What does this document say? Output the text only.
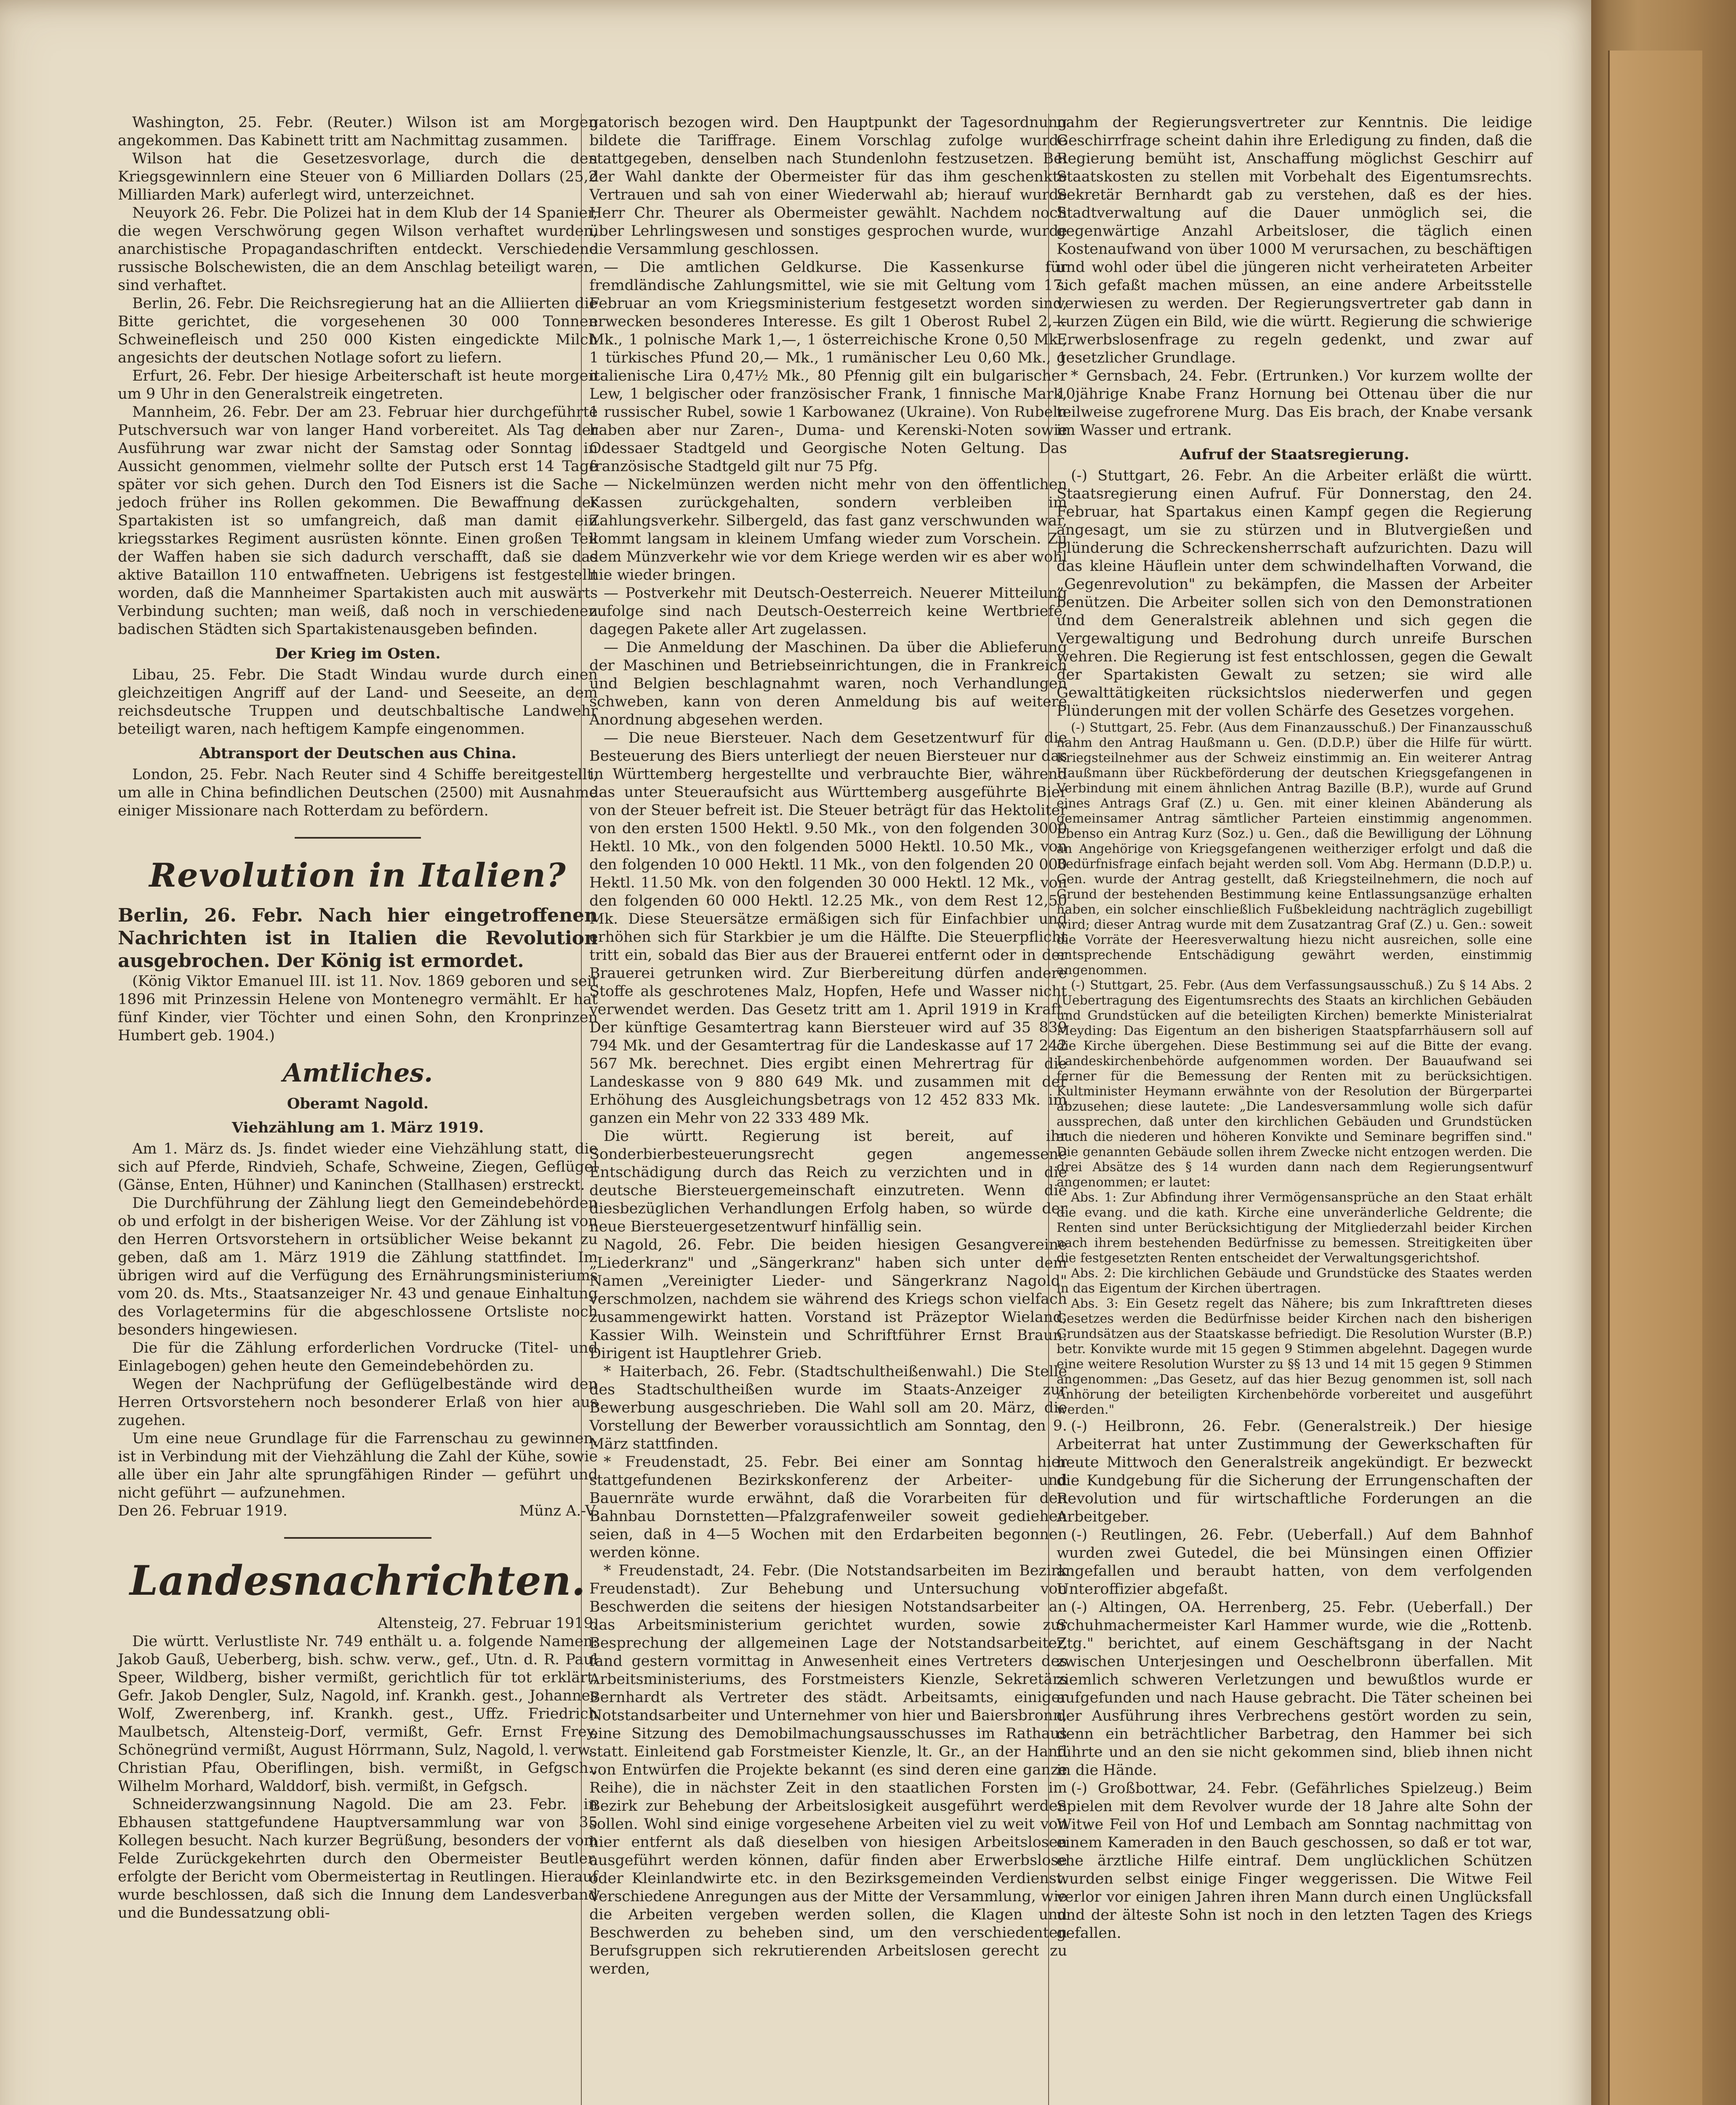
Washington, 25. Febr. (Reuter.) Wilson ist am Morgen angekommen. Das Kabinett tritt am Nachmittag zusammen.

Wilson hat die Gesetzesvorlage, durch die den Kriegsgewinnlern eine Steuer von 6 Milliarden Dollars (25,2 Milliarden Mark) auferlegt wird, unterzeichnet.

Neuyork 26. Febr. Die Polizei hat in dem Klub der 14 Spanier, die wegen Verschwörung gegen Wilson verhaftet wurden, anarchistische Propagandaschriften entdeckt. Verschiedene russische Bolschewisten, die an dem Anschlag beteiligt waren, sind verhaftet.

Berlin, 26. Febr. Die Reichsregierung hat an die Alliierten die Bitte gerichtet, die vorgesehenen 30 000 Tonnen Schweinefleisch und 250 000 Kisten eingedickte Milch angesichts der deutschen Notlage sofort zu liefern.

Erfurt, 26. Febr. Der hiesige Arbeiterschaft ist heute morgen um 9 Uhr in den Generalstreik eingetreten.

Mannheim, 26. Febr. Der am 23. Februar hier durchgeführte Putschversuch war von langer Hand vorbereitet. Als Tag der Ausführung war zwar nicht der Samstag oder Sonntag in Aussicht genommen, vielmehr sollte der Putsch erst 14 Tage später vor sich gehen. Durch den Tod Eisners ist die Sache jedoch früher ins Rollen gekommen. Die Bewaffnung der Spartakisten ist so umfangreich, daß man damit ein kriegsstarkes Regiment ausrüsten könnte. Einen großen Teil der Waffen haben sie sich dadurch verschafft, daß sie das aktive Bataillon 110 entwaffneten. Uebrigens ist festgestellt worden, daß die Mannheimer Spartakisten auch mit auswärts Verbindung suchten; man weiß, daß noch in verschiedenen badischen Städten sich Spartakistenausgeben befinden.

Der Krieg im Osten.

Libau, 25. Febr. Die Stadt Windau wurde durch einen gleichzeitigen Angriff auf der Land- und Seeseite, an dem reichsdeutsche Truppen und deutschbaltische Landwehr beteiligt waren, nach heftigem Kampfe eingenommen.

Abtransport der Deutschen aus China.

London, 25. Febr. Nach Reuter sind 4 Schiffe bereitgestellt, um alle in China befindlichen Deutschen (2500) mit Ausnahme einiger Missionare nach Rotterdam zu befördern.

Revolution in Italien?

Berlin, 26. Febr. Nach hier eingetroffenen Nachrichten ist in Italien die Revolution ausgebrochen. Der König ist ermordet.

(König Viktor Emanuel III. ist 11. Nov. 1869 geboren und seit 1896 mit Prinzessin Helene von Montenegro vermählt. Er hat fünf Kinder, vier Töchter und einen Sohn, den Kronprinzen Humbert geb. 1904.)

Amtliches.

Oberamt Nagold.

Viehzählung am 1. März 1919.

Am 1. März ds. Js. findet wieder eine Viehzählung statt, die sich auf Pferde, Rindvieh, Schafe, Schweine, Ziegen, Geflügel (Gänse, Enten, Hühner) und Kaninchen (Stallhasen) erstreckt.

Die Durchführung der Zählung liegt den Gemeindebehörden ob und erfolgt in der bisherigen Weise. Vor der Zählung ist von den Herren Ortsvorstehern in ortsüblicher Weise bekannt zu geben, daß am 1. März 1919 die Zählung stattfindet. Im übrigen wird auf die Verfügung des Ernährungsministeriums vom 20. ds. Mts., Staatsanzeiger Nr. 43 und genaue Einhaltung des Vorlagetermins für die abgeschlossene Ortsliste noch besonders hingewiesen.

Die für die Zählung erforderlichen Vordrucke (Titel- und Einlagebogen) gehen heute den Gemeindebehörden zu.

Wegen der Nachprüfung der Geflügelbestände wird den Herren Ortsvorstehern noch besonderer Erlaß von hier aus zugehen.

Um eine neue Grundlage für die Farrenschau zu gewinnen, ist in Verbindung mit der Viehzählung die Zahl der Kühe, sowie alle über ein Jahr alte sprungfähigen Rinder — geführt und nicht geführt — aufzunehmen.

Den 26. Februar 1919.	Münz A.-V.

Landesnachrichten.

Altensteig, 27. Februar 1919.

Die württ. Verlustliste Nr. 749 enthält u. a. folgende Namen: Jakob Gauß, Ueberberg, bish. schw. verw., gef., Utn. d. R. Paul Speer, Wildberg, bisher vermißt, gerichtlich für tot erklärt, Gefr. Jakob Dengler, Sulz, Nagold, inf. Krankh. gest., Johannes Wolf, Zwerenberg, inf. Krankh. gest., Uffz. Friedrich Maulbetsch, Altensteig-Dorf, vermißt, Gefr. Ernst Frey, Schönegründ vermißt, August Hörrmann, Sulz, Nagold, l. verw., Christian Pfau, Oberiflingen, bish. vermißt, in Gefgsch., Wilhelm Morhard, Walddorf, bish. vermißt, in Gefgsch.

Schneiderzwangsinnung Nagold. Die am 23. Febr. in Ebhausen stattgefundene Hauptversammlung war von 35 Kollegen besucht. Nach kurzer Begrüßung, besonders der vom Felde Zurückgekehrten durch den Obermeister Beutler, erfolgte der Bericht vom Obermeistertag in Reutlingen. Hierauf wurde beschlossen, daß sich die Innung dem Landesverband und die Bundessatzung obli-

gatorisch bezogen wird. Den Hauptpunkt der Tagesordnung bildete die Tariffrage. Einem Vorschlag zufolge wurde stattgegeben, denselben nach Stundenlohn festzusetzen. Bei der Wahl dankte der Obermeister für das ihm geschenkte Vertrauen und sah von einer Wiederwahl ab; hierauf wurde Herr Chr. Theurer als Obermeister gewählt. Nachdem noch über Lehrlingswesen und sonstiges gesprochen wurde, wurde die Versammlung geschlossen.

— Die amtlichen Geldkurse. Die Kassenkurse für fremdländische Zahlungsmittel, wie sie mit Geltung vom 17. Februar an vom Kriegsministerium festgesetzt worden sind, erwecken besonderes Interesse. Es gilt 1 Oberost Rubel 2,— Mk., 1 polnische Mark 1,—, 1 österreichische Krone 0,50 Mk., 1 türkisches Pfund 20,— Mk., 1 rumänischer Leu 0,60 Mk., 1 italienische Lira 0,47½ Mk., 80 Pfennig gilt ein bulgarischer Lew, 1 belgischer oder französischer Frank, 1 finnische Mark, 1 russischer Rubel, sowie 1 Karbowanez (Ukraine). Von Rubeln haben aber nur Zaren-, Duma- und Kerenski-Noten sowie Odessaer Stadtgeld und Georgische Noten Geltung. Das französische Stadtgeld gilt nur 75 Pfg.

— Nickelmünzen werden nicht mehr von den öffentlichen Kassen zurückgehalten, sondern verbleiben im Zahlungsverkehr. Silbergeld, das fast ganz verschwunden war, kommt langsam in kleinem Umfang wieder zum Vorschein. Zu dem Münzverkehr wie vor dem Kriege werden wir es aber wohl nie wieder bringen.

— Postverkehr mit Deutsch-Oesterreich. Neuerer Mitteilung zufolge sind nach Deutsch-Oesterreich keine Wertbriefe, dagegen Pakete aller Art zugelassen.

— Die Anmeldung der Maschinen. Da über die Ablieferung der Maschinen und Betriebseinrichtungen, die in Frankreich und Belgien beschlagnahmt waren, noch Verhandlungen schweben, kann von deren Anmeldung bis auf weitere Anordnung abgesehen werden.

— Die neue Biersteuer. Nach dem Gesetzentwurf für die Besteuerung des Biers unterliegt der neuen Biersteuer nur das in Württemberg hergestellte und verbrauchte Bier, während das unter Steueraufsicht aus Württemberg ausgeführte Bier von der Steuer befreit ist. Die Steuer beträgt für das Hektoliter von den ersten 1500 Hektl. 9.50 Mk., von den folgenden 3000 Hektl. 10 Mk., von den folgenden 5000 Hektl. 10.50 Mk., von den folgenden 10 000 Hektl. 11 Mk., von den folgenden 20 000 Hektl. 11.50 Mk. von den folgenden 30 000 Hektl. 12 Mk., von den folgenden 60 000 Hektl. 12.25 Mk., von dem Rest 12,50 Mk. Diese Steuersätze ermäßigen sich für Einfachbier und erhöhen sich für Starkbier je um die Hälfte. Die Steuerpflicht tritt ein, sobald das Bier aus der Brauerei entfernt oder in der Brauerei getrunken wird. Zur Bierbereitung dürfen andere Stoffe als geschrotenes Malz, Hopfen, Hefe und Wasser nicht verwendet werden. Das Gesetz tritt am 1. April 1919 in Kraft. Der künftige Gesamtertrag kann Biersteuer wird auf 35 839 794 Mk. und der Gesamtertrag für die Landeskasse auf 17 242 567 Mk. berechnet. Dies ergibt einen Mehrertrag für die Landeskasse von 9 880 649 Mk. und zusammen mit der Erhöhung des Ausgleichungsbetrags von 12 452 833 Mk. im ganzen ein Mehr von 22 333 489 Mk.

Die württ. Regierung ist bereit, auf ihr Sonderbierbesteuerungsrecht gegen angemessene Entschädigung durch das Reich zu verzichten und in die deutsche Biersteuergemeinschaft einzutreten. Wenn die diesbezüglichen Verhandlungen Erfolg haben, so würde der neue Biersteuergesetzentwurf hinfällig sein.

Nagold, 26. Febr. Die beiden hiesigen Gesangvereine „Liederkranz" und „Sängerkranz" haben sich unter dem Namen „Vereinigter Lieder- und Sängerkranz Nagold" verschmolzen, nachdem sie während des Kriegs schon vielfach zusammengewirkt hatten. Vorstand ist Präzeptor Wieland, Kassier Wilh. Weinstein und Schriftführer Ernst Braun. Dirigent ist Hauptlehrer Grieb.

* Haiterbach, 26. Febr. (Stadtschultheißenwahl.) Die Stelle des Stadtschultheißen wurde im Staats-Anzeiger zur Bewerbung ausgeschrieben. Die Wahl soll am 20. März, die Vorstellung der Bewerber voraussichtlich am Sonntag, den 9. März stattfinden.

* Freudenstadt, 25. Febr. Bei einer am Sonntag hier stattgefundenen Bezirkskonferenz der Arbeiter- und Bauernräte wurde erwähnt, daß die Vorarbeiten für den Bahnbau Dornstetten—Pfalzgrafenweiler soweit gediehen seien, daß in 4—5 Wochen mit den Erdarbeiten begonnen werden könne.

* Freudenstadt, 24. Febr. (Die Notstandsarbeiten im Bezirk Freudenstadt). Zur Behebung und Untersuchung von Beschwerden die seitens der hiesigen Notstandsarbeiter an das Arbeitsministerium gerichtet wurden, sowie zur Besprechung der allgemeinen Lage der Notstandsarbeiter, fand gestern vormittag in Anwesenheit eines Vertreters des Arbeitsministeriums, des Forstmeisters Kienzle, Sekretärs Bernhardt als Vertreter des städt. Arbeitsamts, einiger Notstandsarbeiter und Unternehmer von hier und Baiersbronn, eine Sitzung des Demobilmachungsausschusses im Rathaus statt. Einleitend gab Forstmeister Kienzle, lt. Gr., an der Hand von Entwürfen die Projekte bekannt (es sind deren eine ganze Reihe), die in nächster Zeit in den staatlichen Forsten im Bezirk zur Behebung der Arbeitslosigkeit ausgeführt werden sollen. Wohl sind einige vorgesehene Arbeiten viel zu weit von hier entfernt als daß dieselben von hiesigen Arbeitslosen ausgeführt werden können, dafür finden aber Erwerbslose oder Kleinlandwirte etc. in den Bezirksgemeinden Verdienst. Verschiedene Anregungen aus der Mitte der Versammlung, wie die Arbeiten vergeben werden sollen, die Klagen und Beschwerden zu beheben sind, um den verschiedenten Berufsgruppen sich rekrutierenden Arbeitslosen gerecht zu werden,

nahm der Regierungsvertreter zur Kenntnis. Die leidige Geschirrfrage scheint dahin ihre Erledigung zu finden, daß die Regierung bemüht ist, Anschaffung möglichst Geschirr auf Staatskosten zu stellen mit Vorbehalt des Eigentumsrechts. Sekretär Bernhardt gab zu verstehen, daß es der hies. Stadtverwaltung auf die Dauer unmöglich sei, die gegenwärtige Anzahl Arbeitsloser, die täglich einen Kostenaufwand von über 1000 M verursachen, zu beschäftigen und wohl oder übel die jüngeren nicht verheirateten Arbeiter sich gefaßt machen müssen, an eine andere Arbeitsstelle verwiesen zu werden. Der Regierungsvertreter gab dann in kurzen Zügen ein Bild, wie die württ. Regierung die schwierige Erwerbslosenfrage zu regeln gedenkt, und zwar auf gesetzlicher Grundlage.

* Gernsbach, 24. Febr. (Ertrunken.) Vor kurzem wollte der 10jährige Knabe Franz Hornung bei Ottenau über die nur teilweise zugefrorene Murg. Das Eis brach, der Knabe versank im Wasser und ertrank.

Aufruf der Staatsregierung.

(-) Stuttgart, 26. Febr. An die Arbeiter erläßt die württ. Staatsregierung einen Aufruf. Für Donnerstag, den 24. Februar, hat Spartakus einen Kampf gegen die Regierung angesagt, um sie zu stürzen und in Blutvergießen und Plünderung die Schreckensherrschaft aufzurichten. Dazu will das kleine Häuflein unter dem schwindelhaften Vorwand, die „Gegenrevolution" zu bekämpfen, die Massen der Arbeiter benützen. Die Arbeiter sollen sich von den Demonstrationen und dem Generalstreik ablehnen und sich gegen die Vergewaltigung und Bedrohung durch unreife Burschen wehren. Die Regierung ist fest entschlossen, gegen die Gewalt der Spartakisten Gewalt zu setzen; sie wird alle Gewalttätigkeiten rücksichtslos niederwerfen und gegen Plünderungen mit der vollen Schärfe des Gesetzes vorgehen.

(-) Stuttgart, 25. Febr. (Aus dem Finanzausschuß.) Der Finanzausschuß nahm den Antrag Haußmann u. Gen. (D.D.P.) über die Hilfe für württ. Kriegsteilnehmer aus der Schweiz einstimmig an. Ein weiterer Antrag Haußmann über Rückbeförderung der deutschen Kriegsgefangenen in Verbindung mit einem ähnlichen Antrag Bazille (B.P.), wurde auf Grund eines Antrags Graf (Z.) u. Gen. mit einer kleinen Abänderung als gemeinsamer Antrag sämtlicher Parteien einstimmig angenommen. Ebenso ein Antrag Kurz (Soz.) u. Gen., daß die Bewilligung der Löhnung an Angehörige von Kriegsgefangenen weitherziger erfolgt und daß die Bedürfnisfrage einfach bejaht werden soll. Vom Abg. Hermann (D.D.P.) u. Gen. wurde der Antrag gestellt, daß Kriegsteilnehmern, die noch auf Grund der bestehenden Bestimmung keine Entlassungsanzüge erhalten haben, ein solcher einschließlich Fußbekleidung nachträglich zugebilligt wird; dieser Antrag wurde mit dem Zusatzantrag Graf (Z.) u. Gen.: soweit die Vorräte der Heeresverwaltung hiezu nicht ausreichen, solle eine entsprechende Entschädigung gewährt werden, einstimmig angenommen.

(-) Stuttgart, 25. Febr. (Aus dem Verfassungsausschuß.) Zu § 14 Abs. 2 (Uebertragung des Eigentumsrechts des Staats an kirchlichen Gebäuden und Grundstücken auf die beteiligten Kirchen) bemerkte Ministerialrat Meyding: Das Eigentum an den bisherigen Staatspfarrhäusern soll auf die Kirche übergehen. Diese Bestimmung sei auf die Bitte der evang. Landeskirchenbehörde aufgenommen worden. Der Bauaufwand sei ferner für die Bemessung der Renten mit zu berücksichtigen. Kultminister Heymann erwähnte von der Resolution der Bürgerpartei abzusehen; diese lautete: „Die Landesversammlung wolle sich dafür aussprechen, daß unter den kirchlichen Gebäuden und Grundstücken auch die niederen und höheren Konvikte und Seminare begriffen sind." Die genannten Gebäude sollen ihrem Zwecke nicht entzogen werden. Die drei Absätze des § 14 wurden dann nach dem Regierungsentwurf angenommen; er lautet:

Abs. 1: Zur Abfindung ihrer Vermögensansprüche an den Staat erhält die evang. und die kath. Kirche eine unveränderliche Geldrente; die Renten sind unter Berücksichtigung der Mitgliederzahl beider Kirchen nach ihrem bestehenden Bedürfnisse zu bemessen. Streitigkeiten über die festgesetzten Renten entscheidet der Verwaltungsgerichtshof.

Abs. 2: Die kirchlichen Gebäude und Grundstücke des Staates werden in das Eigentum der Kirchen übertragen.

Abs. 3: Ein Gesetz regelt das Nähere; bis zum Inkrafttreten dieses Gesetzes werden die Bedürfnisse beider Kirchen nach den bisherigen Grundsätzen aus der Staatskasse befriedigt. Die Resolution Wurster (B.P.) betr. Konvikte wurde mit 15 gegen 9 Stimmen abgelehnt. Dagegen wurde eine weitere Resolution Wurster zu §§ 13 und 14 mit 15 gegen 9 Stimmen angenommen: „Das Gesetz, auf das hier Bezug genommen ist, soll nach Anhörung der beteiligten Kirchenbehörde vorbereitet und ausgeführt werden."

(-) Heilbronn, 26. Febr. (Generalstreik.) Der hiesige Arbeiterrat hat unter Zustimmung der Gewerkschaften für heute Mittwoch den Generalstreik angekündigt. Er bezweckt die Kundgebung für die Sicherung der Errungenschaften der Revolution und für wirtschaftliche Forderungen an die Arbeitgeber.

(-) Reutlingen, 26. Febr. (Ueberfall.) Auf dem Bahnhof wurden zwei Gutedel, die bei Münsingen einen Offizier angefallen und beraubt hatten, von dem verfolgenden Unteroffizier abgefaßt.

(-) Altingen, OA. Herrenberg, 25. Febr. (Ueberfall.) Der Schuhmachermeister Karl Hammer wurde, wie die „Rottenb. Ztg." berichtet, auf einem Geschäftsgang in der Nacht zwischen Unterjesingen und Oeschelbronn überfallen. Mit ziemlich schweren Verletzungen und bewußtlos wurde er aufgefunden und nach Hause gebracht. Die Täter scheinen bei der Ausführung ihres Verbrechens gestört worden zu sein, denn ein beträchtlicher Barbetrag, den Hammer bei sich führte und an den sie nicht gekommen sind, blieb ihnen nicht in die Hände.

(-) Großbottwar, 24. Febr. (Gefährliches Spielzeug.) Beim Spielen mit dem Revolver wurde der 18 Jahre alte Sohn der Witwe Feil von Hof und Lembach am Sonntag nachmittag von einem Kameraden in den Bauch geschossen, so daß er tot war, ehe ärztliche Hilfe eintraf. Dem unglücklichen Schützen wurden selbst einige Finger weggerissen. Die Witwe Feil verlor vor einigen Jahren ihren Mann durch einen Unglücksfall und der älteste Sohn ist noch in den letzten Tagen des Kriegs gefallen.
